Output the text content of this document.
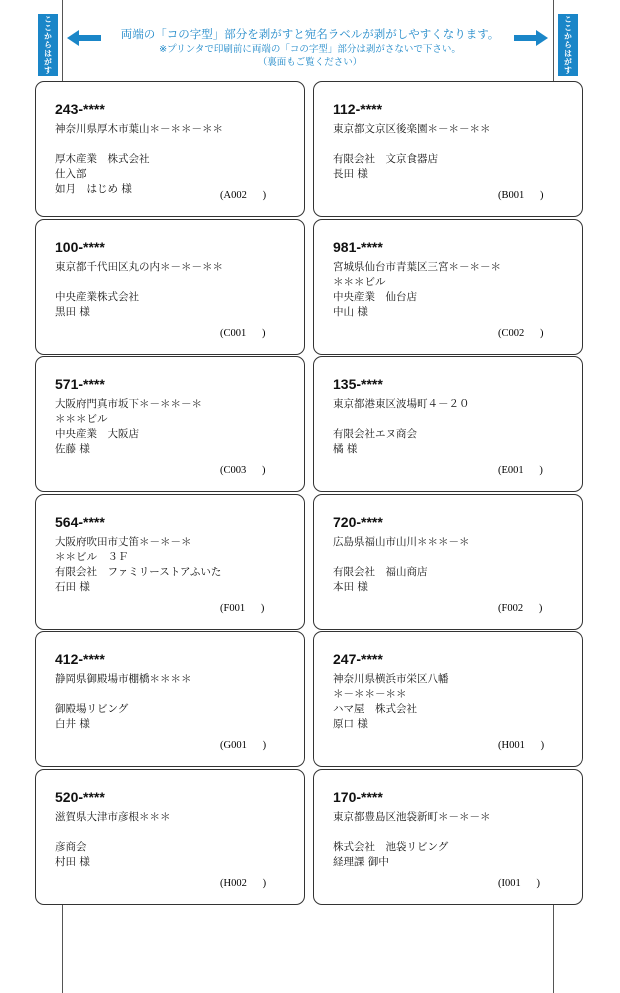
ここからはがす	ここからはがす
両端の「コの字型」部分を剥がすと宛名ラベルが剥がしやすくなります。
※プリンタで印刷前に両端の「コの字型」部分は剥がさないで下さい。
（裏面もご覧ください）
243-****
神奈川県厚木市葉山＊－＊＊－＊＊
厚木産業　株式会社
仕入部
如月　はじめ 様
(A002      )
112-****
東京都文京区後楽園＊－＊－＊＊
有限会社　文京食器店
長田 様
(B001      )
100-****
東京都千代田区丸の内＊－＊－＊＊
中央産業株式会社
黒田 様
(C001      )
981-****
宮城県仙台市青葉区三宮＊－＊－＊
＊＊＊ビル
中央産業　仙台店
中山 様
(C002      )
571-****
大阪府門真市坂下＊－＊＊－＊
＊＊＊ビル
中央産業　大阪店
佐藤 様
(C003      )
135-****
東京都港東区波場町４－２０
有限会社エヌ商会
橘 様
(E001      )
564-****
大阪府吹田市丈笛＊－＊－＊
＊＊ビル　３Ｆ
有限会社　ファミリーストアふいた
石田 様
(F001      )
720-****
広島県福山市山川＊＊＊－＊
有限会社　福山商店
本田 様
(F002      )
412-****
静岡県御殿場市棚橋＊＊＊＊
御殿場リビング
白井 様
(G001      )
247-****
神奈川県横浜市栄区八幡
＊－＊＊－＊＊
ハマ屋　株式会社
原口 様
(H001      )
520-****
滋賀県大津市彦根＊＊＊
彦商会
村田 様
(H002      )
170-****
東京都豊島区池袋新町＊－＊－＊
株式会社　池袋リビング
経理課 御中
(I001      )
